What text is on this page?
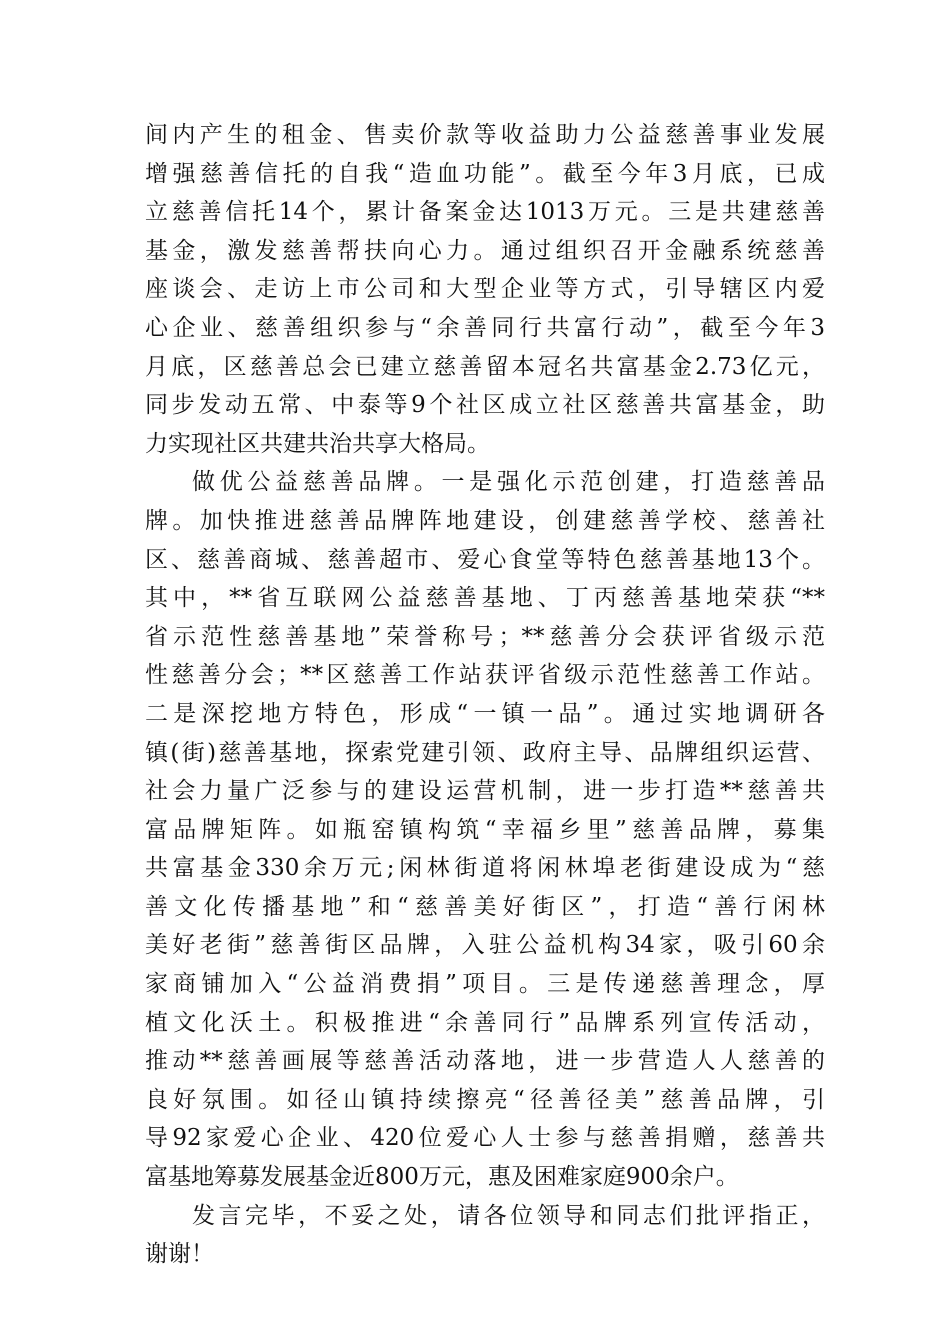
间内产生的租金、售卖价款等收益助力公益慈善事业发展
增强慈善信托的自我“造血功能”。截至今年3月底，已成
立慈善信托14个，累计备案金达1013万元。三是共建慈善
基金，激发慈善帮扶向心力。通过组织召开金融系统慈善
座谈会、走访上市公司和大型企业等方式，引导辖区内爱
心企业、慈善组织参与“余善同行共富行动”，截至今年3
月底，区慈善总会已建立慈善留本冠名共富基金2.73亿元，
同步发动五常、中泰等9个社区成立社区慈善共富基金，助
力实现社区共建共治共享大格局。
做优公益慈善品牌。一是强化示范创建，打造慈善品
牌。加快推进慈善品牌阵地建设，创建慈善学校、慈善社
区、慈善商城、慈善超市、爱心食堂等特色慈善基地13个。
其中，**省互联网公益慈善基地、丁丙慈善基地荣获“**
省示范性慈善基地”荣誉称号；**慈善分会获评省级示范
性慈善分会；**区慈善工作站获评省级示范性慈善工作站。
二是深挖地方特色，形成“一镇一品”。通过实地调研各
镇(街)慈善基地，探索党建引领、政府主导、品牌组织运营、
社会力量广泛参与的建设运营机制，进一步打造**慈善共
富品牌矩阵。如瓶窑镇构筑“幸福乡里”慈善品牌，募集
共富基金330余万元;闲林街道将闲林埠老街建设成为“慈
善文化传播基地”和“慈善美好街区”，打造“善行闲林
美好老街”慈善街区品牌，入驻公益机构34家，吸引60余
家商铺加入“公益消费捐”项目。三是传递慈善理念，厚
植文化沃土。积极推进“余善同行”品牌系列宣传活动，
推动**慈善画展等慈善活动落地，进一步营造人人慈善的
良好氛围。如径山镇持续擦亮“径善径美”慈善品牌，引
导92家爱心企业、420位爱心人士参与慈善捐赠，慈善共
富基地筹募发展基金近800万元，惠及困难家庭900余户。
发言完毕，不妥之处，请各位领导和同志们批评指正，
谢谢！
